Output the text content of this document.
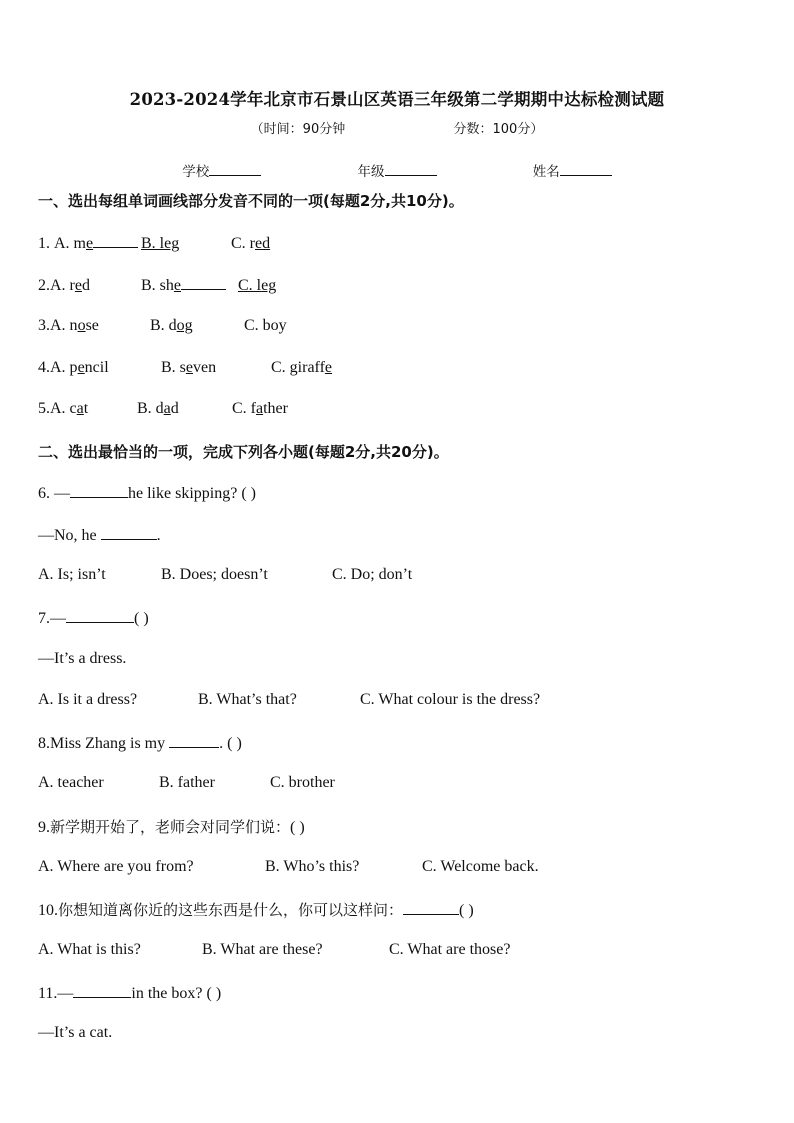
2023-2024学年北京市石景山区英语三年级第二学期期中达标检测试题
（时间：90分钟	分数：100分）
学校	年级	姓名
一、选出每组单词画线部分发音不同的一项(每题2分,共10分)。
1. A. me	B. leg	C. red
2.A. red	B. she	C. leg
3.A. nose	B. dog	C. boy
4.A. pencil	B. seven	C. giraffe
5.A. cat	B. dad	C. father
二、选出最恰当的一项，完成下列各小题(每题2分,共20分)。
6. —	he like skipping? ( )
—No, he	.
A. Is; isn’t	B. Does; doesn’t	C. Do; don’t
7.—	( )
—It’s a dress.
A. Is it a dress?	B. What’s that?	C. What colour is the dress?
8.Miss Zhang is my	. ( )
A. teacher	B. father	C. brother
9.新学期开始了，老师会对同学们说：( )
A. Where are you from?	B. Who’s this?	C. Welcome back.
10.你想知道离你近的这些东西是什么，你可以这样问：	( )
A. What is this?	B. What are these?	C. What are those?
11.—	in the box? ( )
—It’s a cat.
